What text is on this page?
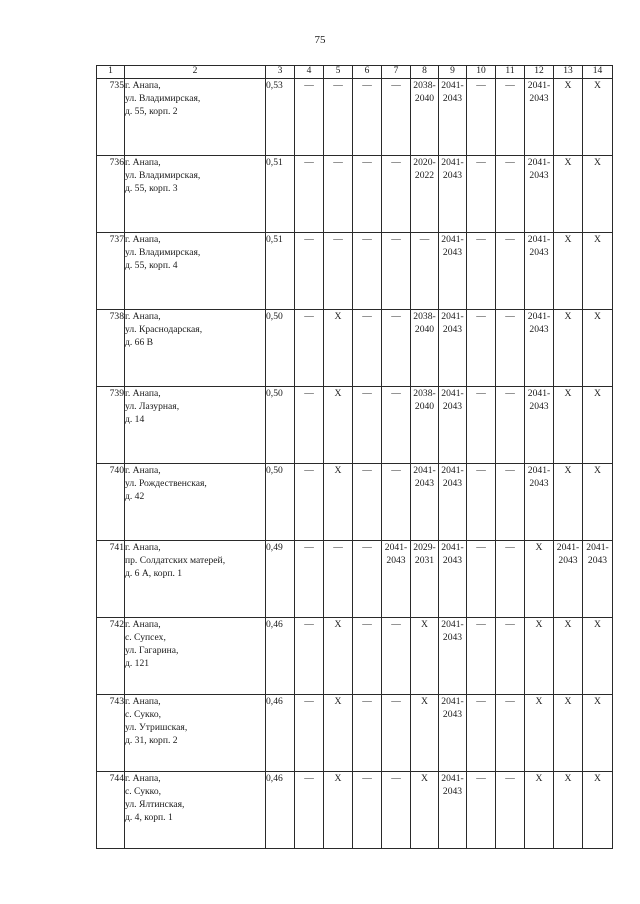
75
1	2	3	4	5	6	7	8	9	10	11	12	13	14
735	г. Анапа,
ул. Владимирская,
д. 55, корп. 2	0,53	—	—	—	—	2038-2040	2041-2043	—	—	2041-2043	X	X

736	г. Анапа,
ул. Владимирская,
д. 55, корп. 3	0,51	—	—	—	—	2020-2022	2041-2043	—	—	2041-2043	X	X

737	г. Анапа,
ул. Владимирская,
д. 55, корп. 4	0,51	—	—	—	—	—	2041-2043	—	—	2041-2043	X	X

738	г. Анапа,
ул. Краснодарская,
д. 66 В	0,50	—	X	—	—	2038-2040	2041-2043	—	—	2041-2043	X	X

739	г. Анапа,
ул. Лазурная,
д. 14	0,50	—	X	—	—	2038-2040	2041-2043	—	—	2041-2043	X	X

740	г. Анапа,
ул. Рождественская,
д. 42	0,50	—	X	—	—	2041-2043	2041-2043	—	—	2041-2043	X	X

741	г. Анапа,
пр. Солдатских матерей,
д. 6 А, корп. 1	0,49	—	—	—	2041-2043	2029-2031	2041-2043	—	—	X	2041-2043	2041-2043

742	г. Анапа,
с. Супсех,
ул. Гагарина,
д. 121	0,46	—	X	—	—	X	2041-2043	—	—	X	X	X

743	г. Анапа,
с. Сукко,
ул. Утришская,
д. 31, корп. 2	0,46	—	X	—	—	X	2041-2043	—	—	X	X	X

744	г. Анапа,
с. Сукко,
ул. Ялтинская,
д. 4, корп. 1	0,46	—	X	—	—	X	2041-2043	—	—	X	X	X
